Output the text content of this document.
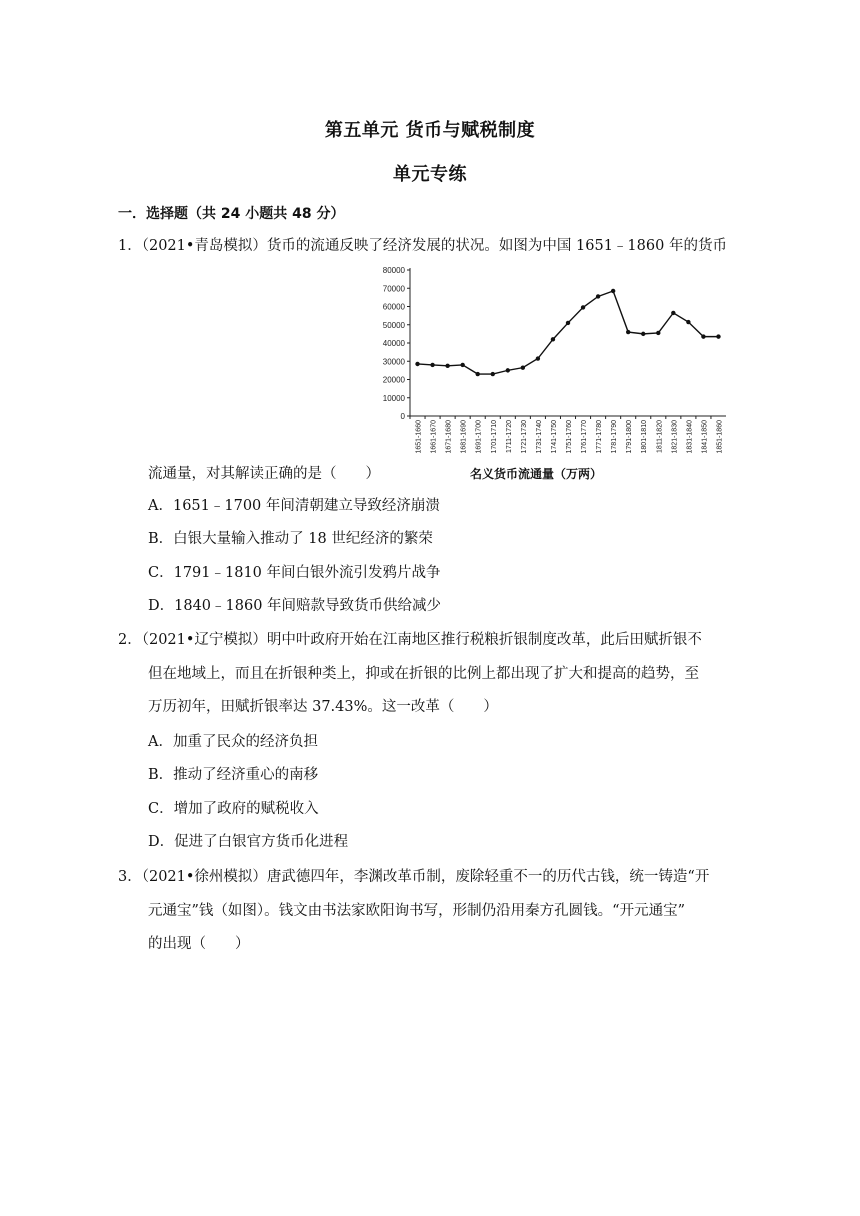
第五单元 货币与赋税制度
单元专练
一．选择题（共 24 小题共 48 分）
1．（2021•青岛模拟）货币的流通反映了经济发展的状况。如图为中国 1651﹣1860 年的货币
0
10000
20000
30000
40000
50000
60000
70000
80000
1651-1660 1661-1670 1671-1680 1681-1690 1691-1700 1701-1710 1711-1720 1721-1730 1731-1740 1741-1750 1751-1760 1761-1770 1771-1780 1781-1790 1791-1800 1801-1810 1811-1820 1821-1830 1831-1840 1841-1850 1851-1860
名义货币流通量（万两）
流通量，对其解读正确的是（　　）
A．1651﹣1700 年间清朝建立导致经济崩溃
B．白银大量输入推动了 18 世纪经济的繁荣
C．1791﹣1810 年间白银外流引发鸦片战争
D．1840﹣1860 年间赔款导致货币供给减少
2．（2021•辽宁模拟）明中叶政府开始在江南地区推行税粮折银制度改革，此后田赋折银不
但在地域上，而且在折银种类上，抑或在折银的比例上都出现了扩大和提高的趋势，至
万历初年，田赋折银率达 37.43%。这一改革（　　）
A．加重了民众的经济负担
B．推动了经济重心的南移
C．增加了政府的赋税收入
D．促进了白银官方货币化进程
3．（2021•徐州模拟）唐武德四年，李渊改革币制，废除轻重不一的历代古钱，统一铸造“开
元通宝”钱（如图）。钱文由书法家欧阳询书写，形制仍沿用秦方孔圆钱。“开元通宝”
的出现（　　）
